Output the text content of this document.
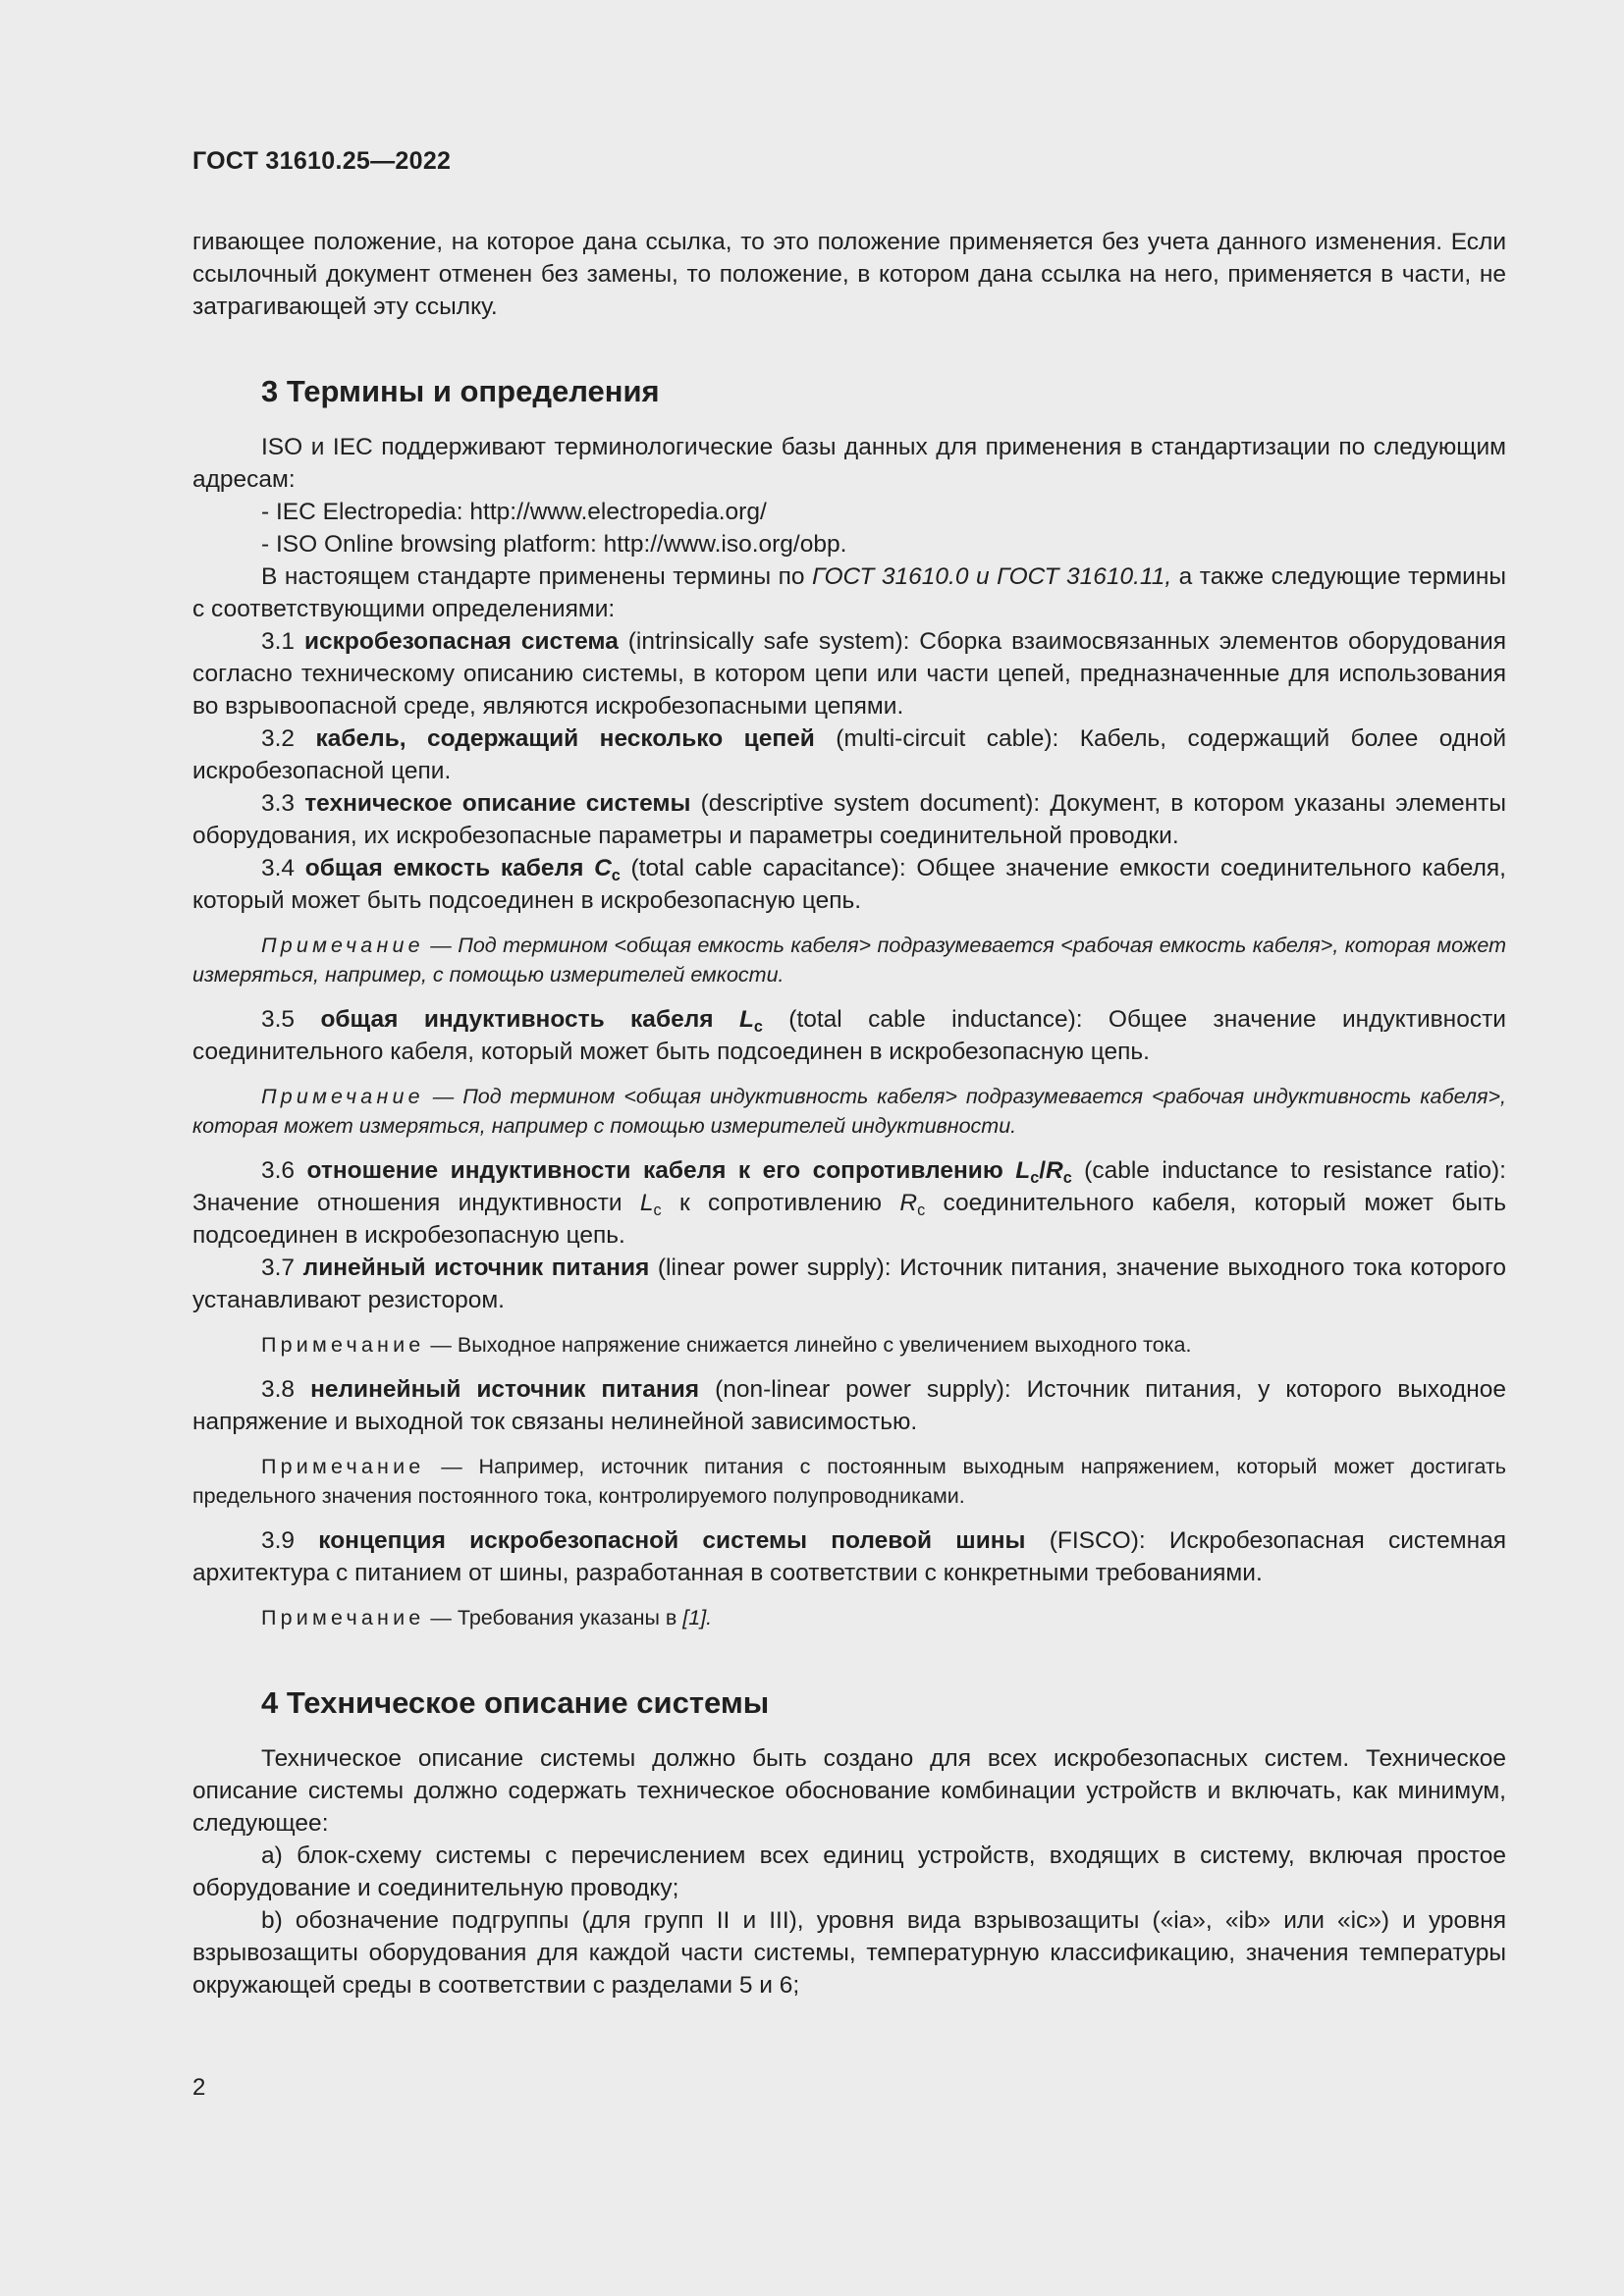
ГОСТ 31610.25—2022

гивающее положение, на которое дана ссылка, то это положение применяется без учета данного изменения. Если ссылочный документ отменен без замены, то положение, в котором дана ссылка на него, применяется в части, не затрагивающей эту ссылку.

3 Термины и определения

ISO и IEC поддерживают терминологические базы данных для применения в стандартизации по следующим адресам:

- IEC Electropedia: http://www.electropedia.org/

- ISO Online browsing platform: http://www.iso.org/obp.

В настоящем стандарте применены термины по ГОСТ 31610.0 и ГОСТ 31610.11, а также следующие термины с соответствующими определениями:

3.1 искробезопасная система (intrinsically safe system): Сборка взаимосвязанных элементов оборудования согласно техническому описанию системы, в котором цепи или части цепей, предназначенные для использования во взрывоопасной среде, являются искробезопасными цепями.

3.2 кабель, содержащий несколько цепей (multi-circuit cable): Кабель, содержащий более одной искробезопасной цепи.

3.3 техническое описание системы (descriptive system document): Документ, в котором указаны элементы оборудования, их искробезопасные параметры и параметры соединительной проводки.

3.4 общая емкость кабеля $C_c$ (total cable capacitance): Общее значение емкости соединительного кабеля, который может быть подсоединен в искробезопасную цепь.

Примечание — Под термином <общая емкость кабеля> подразумевается <рабочая емкость кабеля>, которая может измеряться, например, с помощью измерителей емкости.

3.5 общая индуктивность кабеля $L_c$ (total cable inductance): Общее значение индуктивности соединительного кабеля, который может быть подсоединен в искробезопасную цепь.

Примечание — Под термином <общая индуктивность кабеля> подразумевается <рабочая индуктивность кабеля>, которая может измеряться, например с помощью измерителей индуктивности.

3.6 отношение индуктивности кабеля к его сопротивлению $L_c/R_c$ (cable inductance to resistance ratio): Значение отношения индуктивности $L_c$ к сопротивлению $R_c$ соединительного кабеля, который может быть подсоединен в искробезопасную цепь.

3.7 линейный источник питания (linear power supply): Источник питания, значение выходного тока которого устанавливают резистором.

Примечание — Выходное напряжение снижается линейно с увеличением выходного тока.

3.8 нелинейный источник питания (non-linear power supply): Источник питания, у которого выходное напряжение и выходной ток связаны нелинейной зависимостью.

Примечание — Например, источник питания с постоянным выходным напряжением, который может достигать предельного значения постоянного тока, контролируемого полупроводниками.

3.9 концепция искробезопасной системы полевой шины (FISCO): Искробезопасная системная архитектура с питанием от шины, разработанная в соответствии с конкретными требованиями.

Примечание — Требования указаны в [1].

4 Техническое описание системы

Техническое описание системы должно быть создано для всех искробезопасных систем. Техническое описание системы должно содержать техническое обоснование комбинации устройств и включать, как минимум, следующее:

а) блок-схему системы с перечислением всех единиц устройств, входящих в систему, включая простое оборудование и соединительную проводку;

b) обозначение подгруппы (для групп II и III), уровня вида взрывозащиты («ia», «ib» или «ic») и уровня взрывозащиты оборудования для каждой части системы, температурную классификацию, значения температуры окружающей среды в соответствии с разделами 5 и 6;

2
